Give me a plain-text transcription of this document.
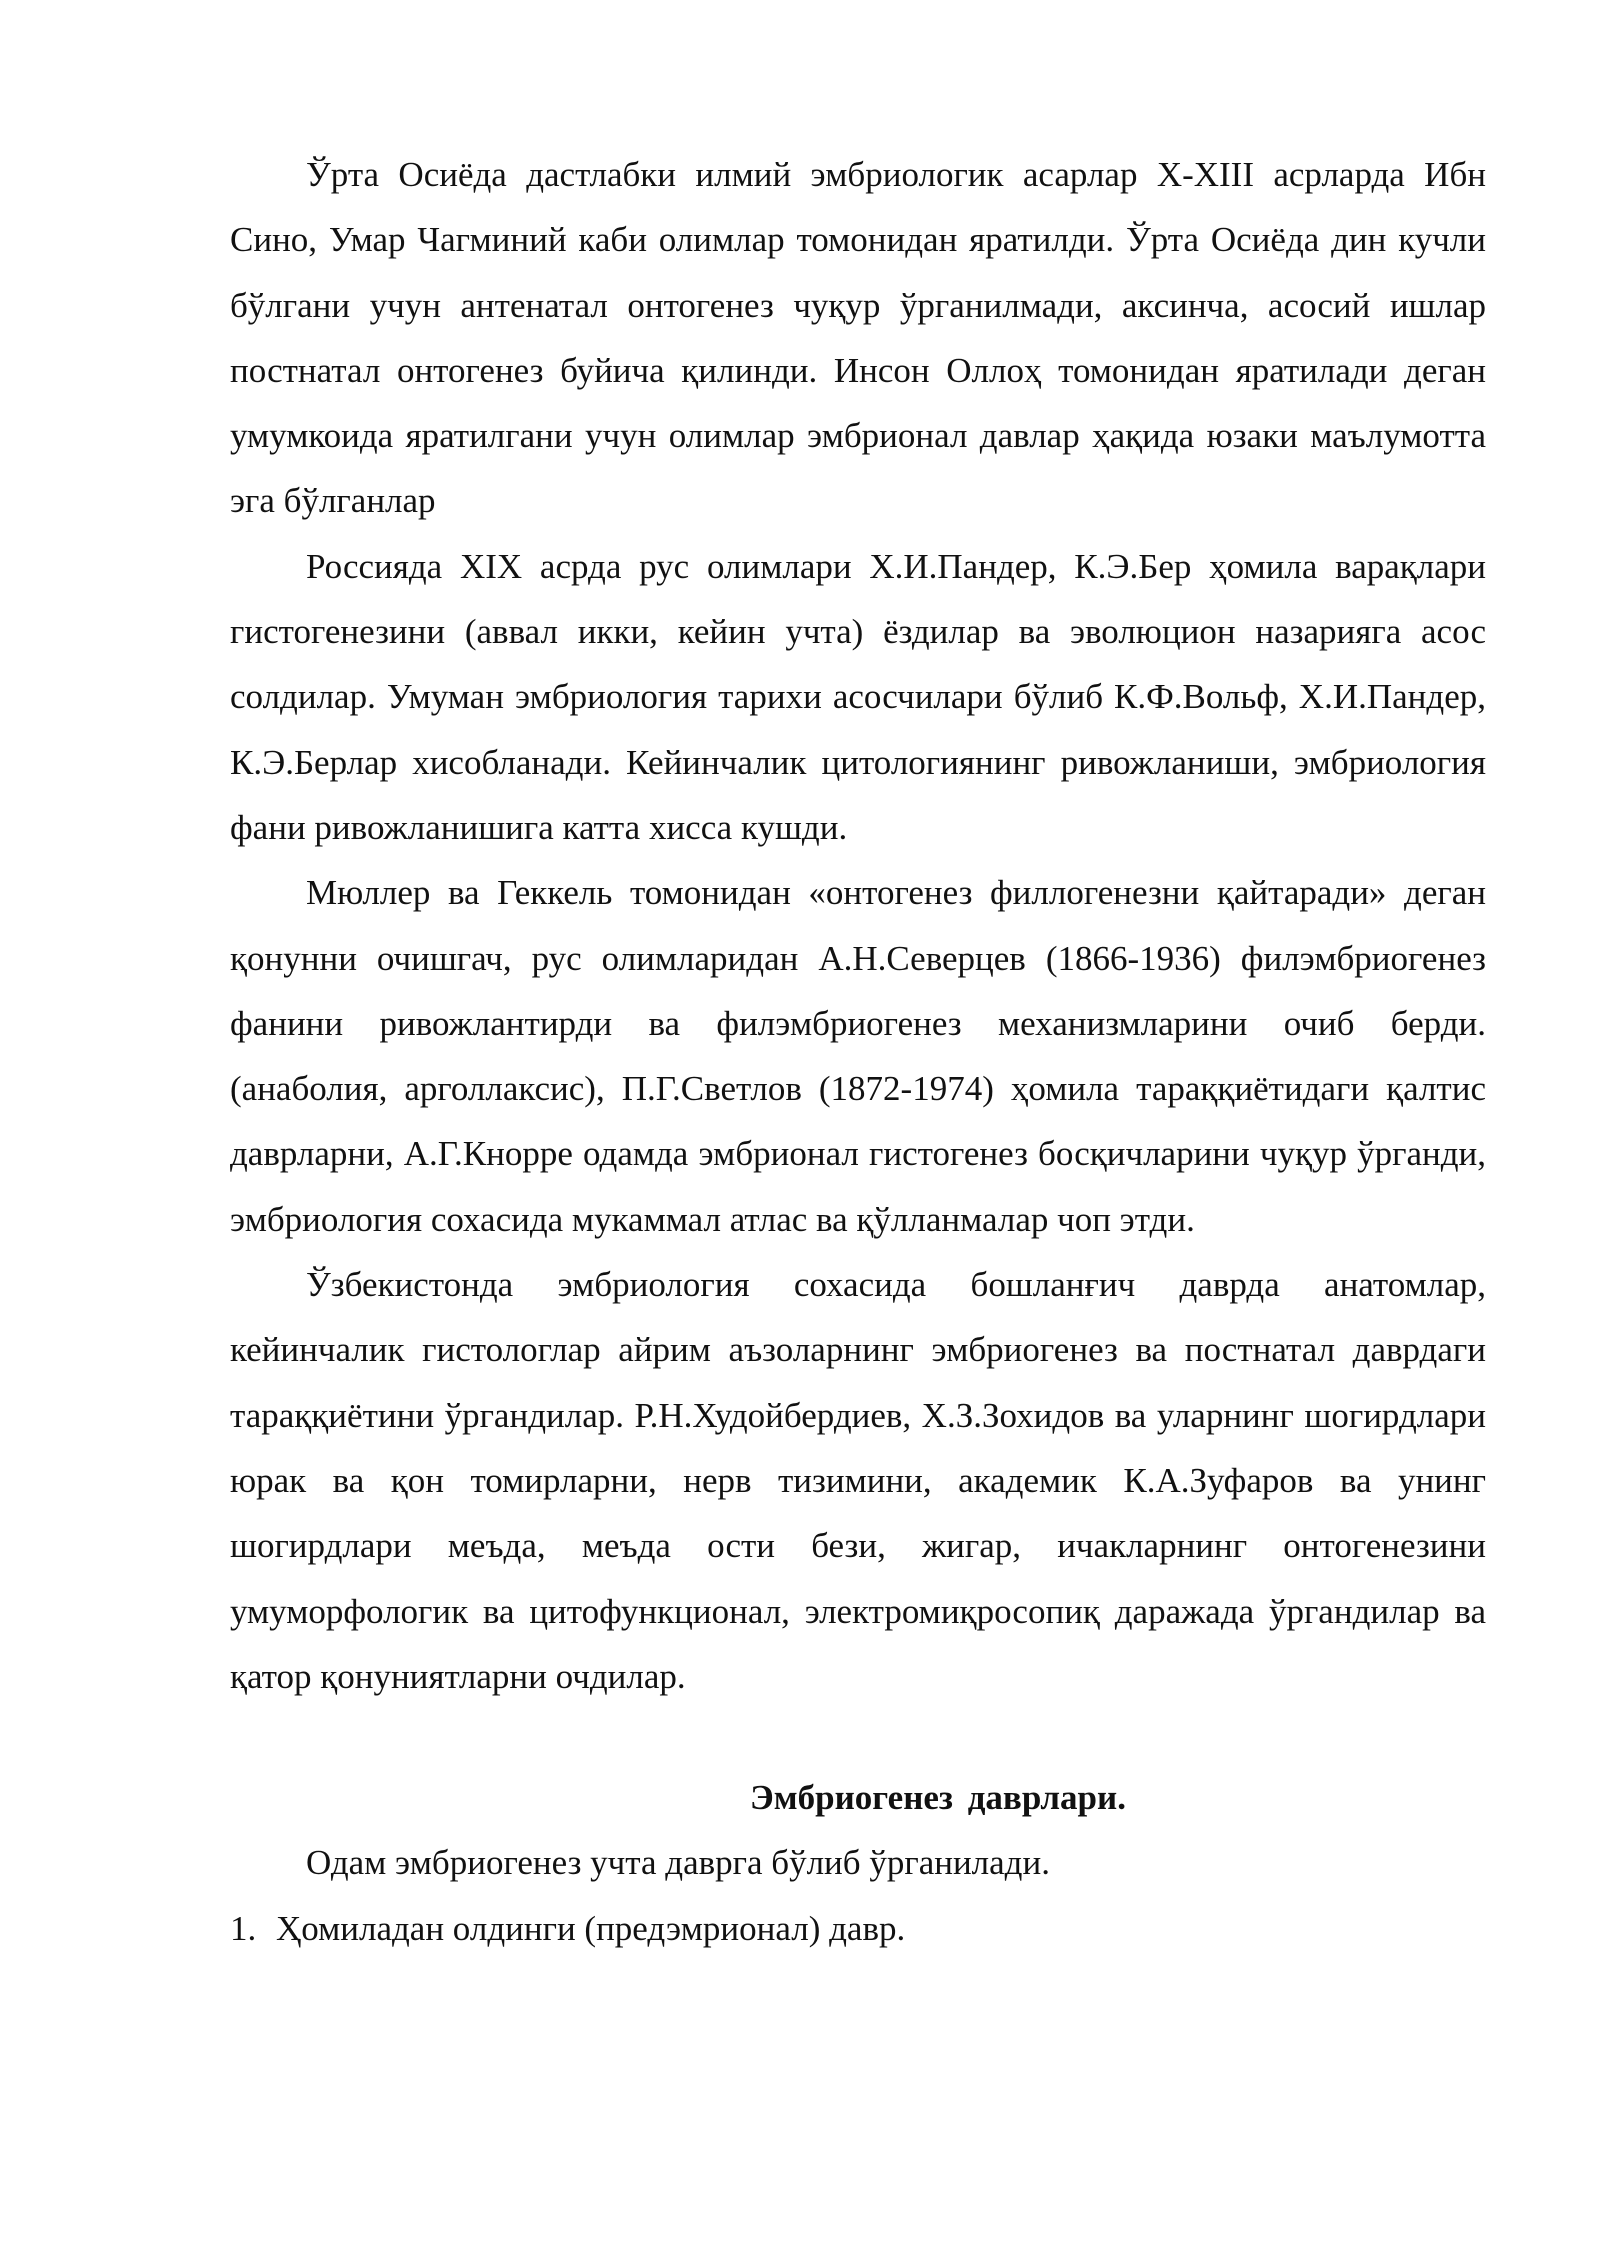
Ўрта Осиёда дастлабки илмий эмбриологик асарлар X-XIII асрларда Ибн Сино, Умар Чагминий каби олимлар томонидан яратилди. Ўрта Осиёда дин кучли бўлгани учун антенатал онтогенез чуқур ўрганилмади, аксинча, асосий ишлар постнатал онтогенез буйича қилинди. Инсон Оллоҳ томонидан яратилади деган умумкоида яратилгани учун олимлар эмбрионал давлар ҳақида юзаки маълумотта эга бўлганлар

Россияда XIX асрда рус олимлари Х.И.Пандер, К.Э.Бер ҳомила варақлари гистогенезини (аввал икки, кейин учта) ёздилар ва эволюцион назарияга асос солдилар. Умуман эмбриология тарихи асосчилари бўлиб К.Ф.Вольф, Х.И.Пандер, К.Э.Берлар хисобланади. Кейинчалик цитологиянинг ривожланиши, эмбриология фани ривожланишига катта хисса кушди.

Мюллер ва Геккель томонидан «онтогенез филлогенезни қайтаради» деган қонунни очишгач, рус олимларидан А.Н.Северцев (1866-1936) филэмбриогенез фанини ривожлантирди ва филэмбриогенез механизмларини очиб берди. (анаболия, арголлаксис), П.Г.Светлов (1872-1974) ҳомила тараққиётидаги қалтис даврларни, А.Г.Кнорре одамда эмбрионал гистогенез босқичларини чуқур ўрганди, эмбриология сохасида мукаммал атлас ва қўлланмалар чоп этди.

Ўзбекистонда эмбриология сохасида бошланғич даврда анатомлар, кейинчалик гистологлар айрим аъзоларнинг эмбриогенез ва постнатал даврдаги тараққиётини ўргандилар. Р.Н.Худойбердиев, Х.З.Зохидов ва уларнинг шогирдлари юрак ва қон томирларни, нерв тизимини, академик К.А.Зуфаров ва унинг шогирдлари меъда, меъда ости бези, жигар, ичакларнинг онтогенезини умуморфологик ва цитофункционал, электромиқросопиқ даражада ўргандилар ва қатор қонуниятларни очдилар.

Эмбриогенез даврлари.

Одам эмбриогенез учта даврга бўлиб ўрганилади.

1. Ҳомиладан олдинги (предэмрионал) давр.
